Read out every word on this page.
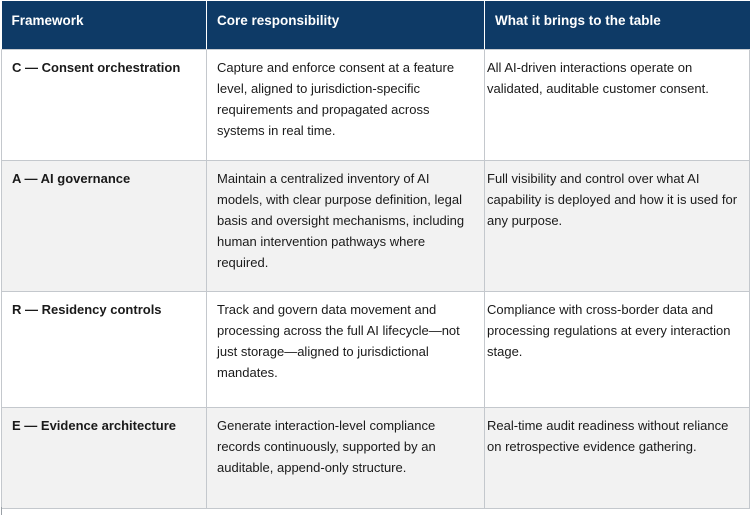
Framework	Core responsibility	What it brings to the table
C — Consent orchestration	Capture and enforce consent at a feature level, aligned to jurisdiction-specific requirements and propagated across systems in real time.	All AI-driven interactions operate on validated, auditable customer consent.
A — AI governance	Maintain a centralized inventory of AI models, with clear purpose definition, legal basis and oversight mechanisms, including human intervention pathways where required.	Full visibility and control over what AI capability is deployed and how it is used for any purpose.
R — Residency controls	Track and govern data movement and processing across the full AI lifecycle—not just storage—aligned to jurisdictional mandates.	Compliance with cross-border data and processing regulations at every interaction stage.
E — Evidence architecture	Generate interaction-level compliance records continuously, supported by an auditable, append-only structure.	Real-time audit readiness without reliance on retrospective evidence gathering.
